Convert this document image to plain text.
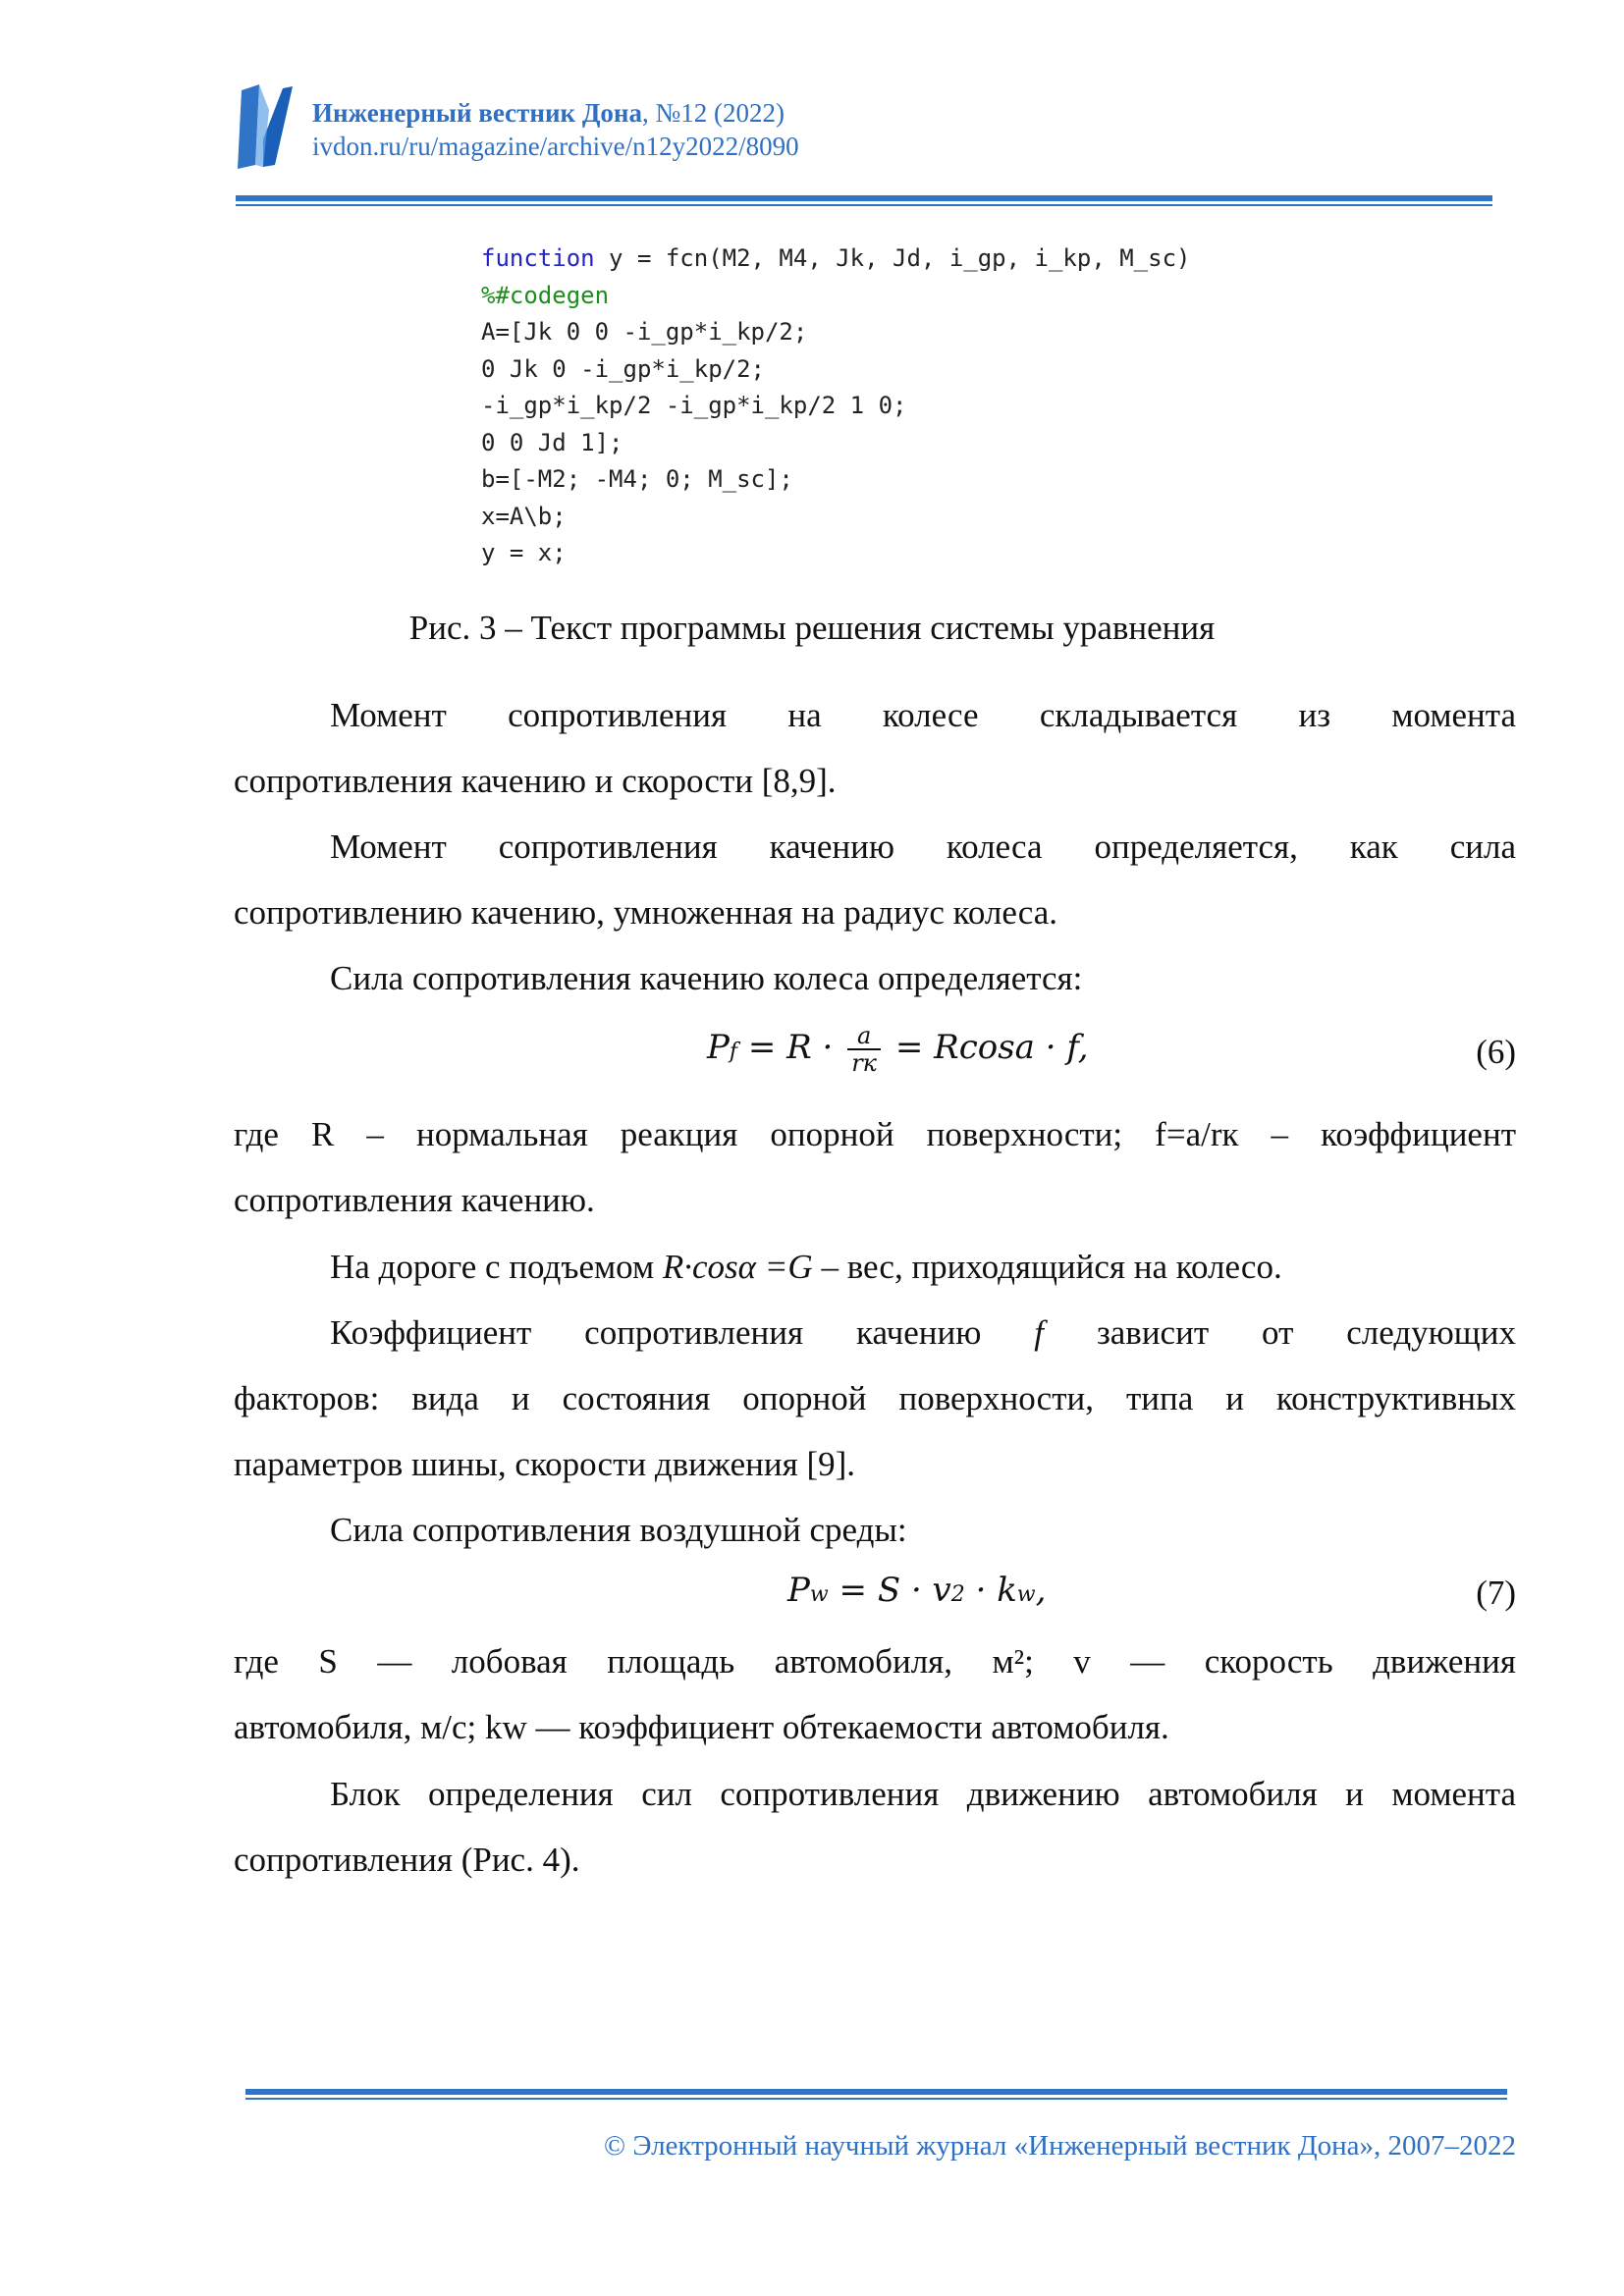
Инженерный вестник Дона, №12 (2022)
ivdon.ru/ru/magazine/archive/n12y2022/8090
function y = fcn(M2, M4, Jk, Jd, i_gp, i_kp, M_sc)
%#codegen
A=[Jk 0 0 -i_gp*i_kp/2;
0 Jk 0 -i_gp*i_kp/2;
-i_gp*i_kp/2 -i_gp*i_kp/2 1 0;
0 0 Jd 1];
b=[-M2; -M4; 0; M_sc];
x=A\b;
y = x;
Рис. 3 – Текст программы решения системы уравнения
Момент сопротивления на колесе складывается из момента
сопротивления качению и скорости [8,9].
Момент сопротивления качению колеса определяется, как сила
сопротивлению качению, умноженная на радиус колеса.
Сила сопротивления качению колеса определяется:
$Pf = R \cdot \frac{a}{rк} = Rcosa \cdot f$,	(6)
где R – нормальная реакция опорной поверхности; f=a/rк – коэффициент
сопротивления качению.
На дороге с подъемом R·cosα =G – вес, приходящийся на колесо.
Коэффициент сопротивления качению f зависит от следующих
факторов: вида и состояния опорной поверхности, типа и конструктивных
параметров шины, скорости движения [9].
Сила сопротивления воздушной среды:
Pw = S · v2 · kw,	(7)
где S — лобовая площадь автомобиля, м²; v — скорость движения
автомобиля, м/с; kw — коэффициент обтекаемости автомобиля.
Блок определения сил сопротивления движению автомобиля и момента
сопротивления (Рис. 4).
© Электронный научный журнал «Инженерный вестник Дона», 2007–2022
